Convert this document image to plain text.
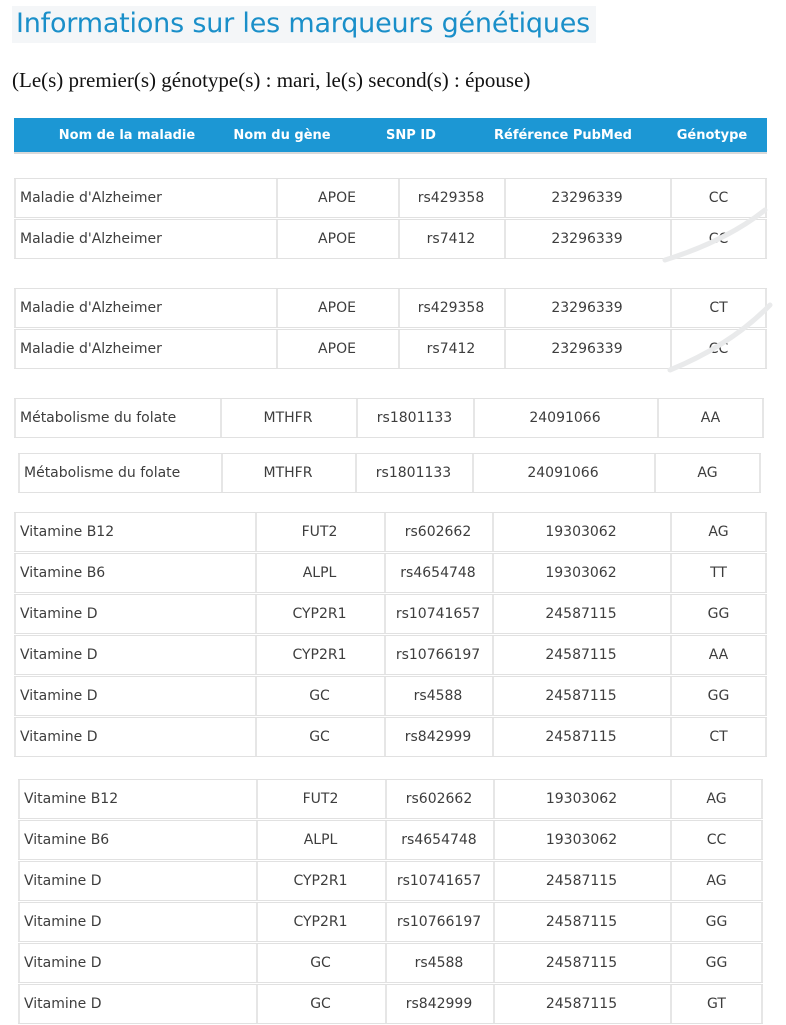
Informations sur les marqueurs génétiques
(Le(s) premier(s) génotype(s) : mari, le(s) second(s) : épouse)
Nom de la maladie	Nom du gène	SNP ID	Référence PubMed	Génotype
Maladie d'Alzheimer	APOE	rs429358	23296339	CC
Maladie d'Alzheimer	APOE	rs7412	23296339	CC
Maladie d'Alzheimer	APOE	rs429358	23296339	CT
Maladie d'Alzheimer	APOE	rs7412	23296339	CC
Métabolisme du folate	MTHFR	rs1801133	24091066	AA
Métabolisme du folate	MTHFR	rs1801133	24091066	AG
Vitamine B12	FUT2	rs602662	19303062	AG
Vitamine B6	ALPL	rs4654748	19303062	TT
Vitamine D	CYP2R1	rs10741657	24587115	GG
Vitamine D	CYP2R1	rs10766197	24587115	AA
Vitamine D	GC	rs4588	24587115	GG
Vitamine D	GC	rs842999	24587115	CT
Vitamine B12	FUT2	rs602662	19303062	AG
Vitamine B6	ALPL	rs4654748	19303062	CC
Vitamine D	CYP2R1	rs10741657	24587115	AG
Vitamine D	CYP2R1	rs10766197	24587115	GG
Vitamine D	GC	rs4588	24587115	GG
Vitamine D	GC	rs842999	24587115	GT
